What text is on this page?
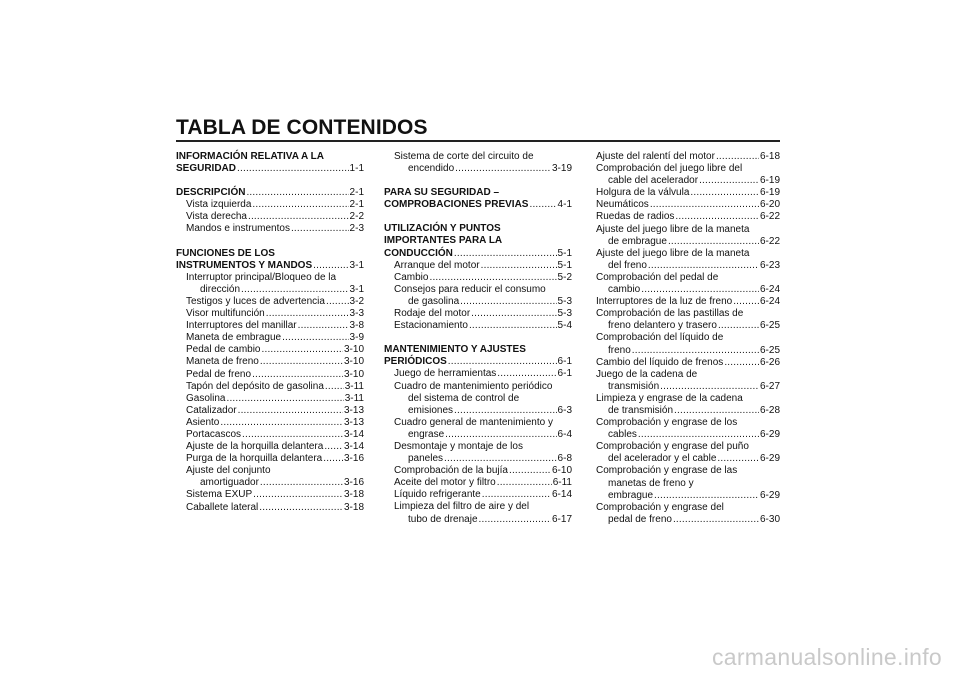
TABLA DE CONTENIDOS
INFORMACIÓN RELATIVA A LA
SEGURIDAD .....	1-1
DESCRIPCIÓN .....	2-1
Vista izquierda .....	2-1
Vista derecha .....	2-2
Mandos e instrumentos .....	2-3
FUNCIONES DE LOS
INSTRUMENTOS Y MANDOS .....	3-1
Interruptor principal/Bloqueo de la
dirección .....	3-1
Testigos y luces de advertencia ..... 3-2
Visor multifunción .....	3-3
Interruptores del manillar .....	3-8
Maneta de embrague .....	3-9
Pedal de cambio .....	3-10
Maneta de freno .....	3-10
Pedal de freno .....	3-10
Tapón del depósito de gasolina ..... 3-11
Gasolina .....	3-11
Catalizador .....	3-13
Asiento .....	3-13
Portacascos .....	3-14
Ajuste de la horquilla delantera ..... 3-14
Purga de la horquilla delantera ..... 3-16
Ajuste del conjunto
amortiguador .....	3-16
Sistema EXUP .....	3-18
Caballete lateral .....	3-18
Sistema de corte del circuito de
encendido .....	3-19
PARA SU SEGURIDAD –
COMPROBACIONES PREVIAS .....	4-1
UTILIZACIÓN Y PUNTOS
IMPORTANTES PARA LA
CONDUCCIÓN .....	5-1
Arranque del motor .....	5-1
Cambio .....	5-2
Consejos para reducir el consumo
de gasolina .....	5-3
Rodaje del motor .....	5-3
Estacionamiento .....	5-4
MANTENIMIENTO Y AJUSTES
PERIÓDICOS .....	6-1
Juego de herramientas .....	6-1
Cuadro de mantenimiento periódico
del sistema de control de
emisiones .....	6-3
Cuadro general de mantenimiento y
engrase .....	6-4
Desmontaje y montaje de los
paneles .....	6-8
Comprobación de la bujía .....	6-10
Aceite del motor y filtro .....	6-11
Líquido refrigerante .....	6-14
Limpieza del filtro de aire y del
tubo de drenaje .....	6-17
Ajuste del ralentí del motor .....	6-18
Comprobación del juego libre del
cable del acelerador .....	6-19
Holgura de la válvula .....	6-19
Neumáticos .....	6-20
Ruedas de radios .....	6-22
Ajuste del juego libre de la maneta
de embrague .....	6-22
Ajuste del juego libre de la maneta
del freno .....	6-23
Comprobación del pedal de
cambio .....	6-24
Interruptores de la luz de freno .....	6-24
Comprobación de las pastillas de
freno delantero y trasero .....	6-25
Comprobación del líquido de
freno .....	6-25
Cambio del líquido de frenos .....	6-26
Juego de la cadena de
transmisión .....	6-27
Limpieza y engrase de la cadena
de transmisión .....	6-28
Comprobación y engrase de los
cables .....	6-29
Comprobación y engrase del puño
del acelerador y el cable .....	6-29
Comprobación y engrase de las
manetas de freno y
embrague .....	6-29
Comprobación y engrase del
pedal de freno .....	6-30
carmanualsonline.info
